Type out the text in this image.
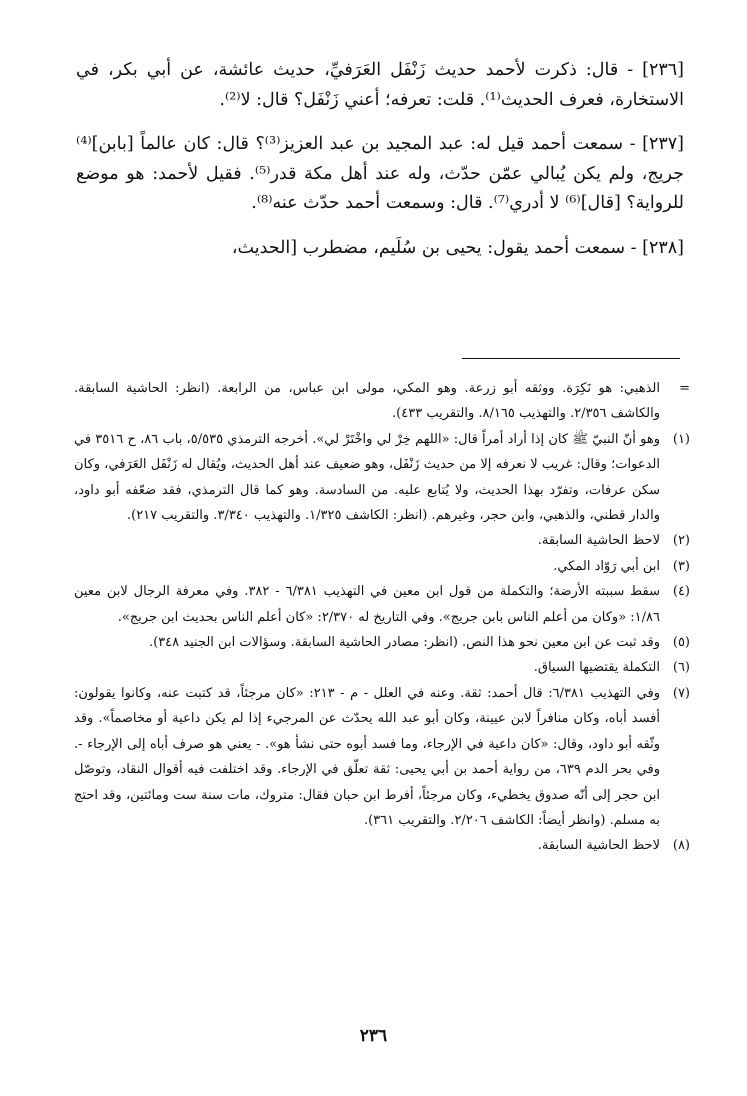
[٢٣٦] - قال: ذكرت لأحمد حديث زَنْفَل العَرَفيِّ، حديث عائشة، عن أبي بكر، في الاستخارة، فعرف الحديث⁽¹⁾. قلت: تعرفه؛ أعني زَنْفَل؟ قال: لا⁽²⁾.

[٢٣٧] - سمعت أحمد قيل له: عبد المجيد بن عبد العزيز⁽³⁾؟ قال: كان عالماً [بابن]⁽⁴⁾ جريج، ولم يكن يُبالي عمّن حدّث، وله عند أهل مكة قدر⁽⁵⁾. فقيل لأحمد: هو موضع للرواية؟ [قال]⁽⁶⁾ لا أدري⁽⁷⁾. قال: وسمعت أحمد حدّث عنه⁽⁸⁾.

[٢٣٨] - سمعت أحمد يقول: يحيى بن سُلَيم، مضطرب [الحديث،

=
الذهبي: هو نَكِرَة. ووثقه أبو زرعة. وهو المكي، مولى ابن عباس، من الرابعة. (انظر: الحاشية السابقة. والكاشف ٢/٣٥٦. والتهذيب ٨/١٦٥. والتقريب ٤٣٣).
(١)
وهو أنّ النبيّ ﷺ كان إذا أراد أمراً قال: «اللهم خِرْ لي واخْتَرْ لي». أخرجه الترمذي ٥/٥٣٥، باب ٨٦، ح ٣٥١٦ في الدعوات؛ وقال: غريب لا نعرفه إلا من حديث زَنْفَل، وهو ضعيف عند أهل الحديث، ويُقال له زَنْفَل العَرَفي، وكان سكن عرفات، وتفرّد بهذا الحديث، ولا يُتابع عليه. من السادسة. وهو كما قال الترمذي، فقد ضعّفه أبو داود، والدار قطني، والذهبي، وابن حجر، وغيرهم. (انظر: الكاشف ١/٣٢٥. والتهذيب ٣/٣٤٠. والتقريب ٢١٧).
(٢)
لاحظ الحاشية السابقة.
(٣)
ابن أبي رَوّاد المكي.
(٤)
سقط سببته الأرضة؛ والتكملة من قول ابن معين في التهذيب ٦/٣٨١ - ٣٨٢. وفي معرفة الرجال لابن معين ١/٨٦: «وكان من أعلم الناس بابن جريج». وفي التاريخ له ٢/٣٧٠: «كان أعلم الناس بحديث ابن جريج».
(٥)
وقد ثبت عن ابن معين نحو هذا النص. (انظر: مصادر الحاشية السابقة. وسؤالات ابن الجنيد ٣٤٨).
(٦)
التكملة يقتضيها السياق.
(٧)
وفي التهذيب ٦/٣٨١: قال أحمد: ثقة. وعنه في العلل - م - ٢١٣: «كان مرجئاً، قد كتبت عنه، وكانوا يقولون: أفسد أباه، وكان منافراً لابن عيينة، وكان أبو عبد الله يحدّث عن المرجيء إذا لم يكن داعية أو مخاصماً». وقد وثّقه أبو داود، وقال: «كان داعية في الإرجاء، وما فسد أبوه حتى نشأ هو». - يعني هو صرف أباه إلى الإرجاء -. وفي بحر الدم ٦٣٩، من رواية أحمد بن أبي يحيى: ثقة تعلّق في الإرجاء. وقد اختلفت فيه أقوال النقاد، وتوصّل ابن حجر إلى أنّه صدوق يخطيء، وكان مرجئاً، أفرط ابن حبان فقال: متروك، مات سنة ست ومائتين، وقد احتج به مسلم. (وانظر أيضاً: الكاشف ٢/٢٠٦. والتقريب ٣٦١).
(٨)
لاحظ الحاشية السابقة.
٢٣٦
